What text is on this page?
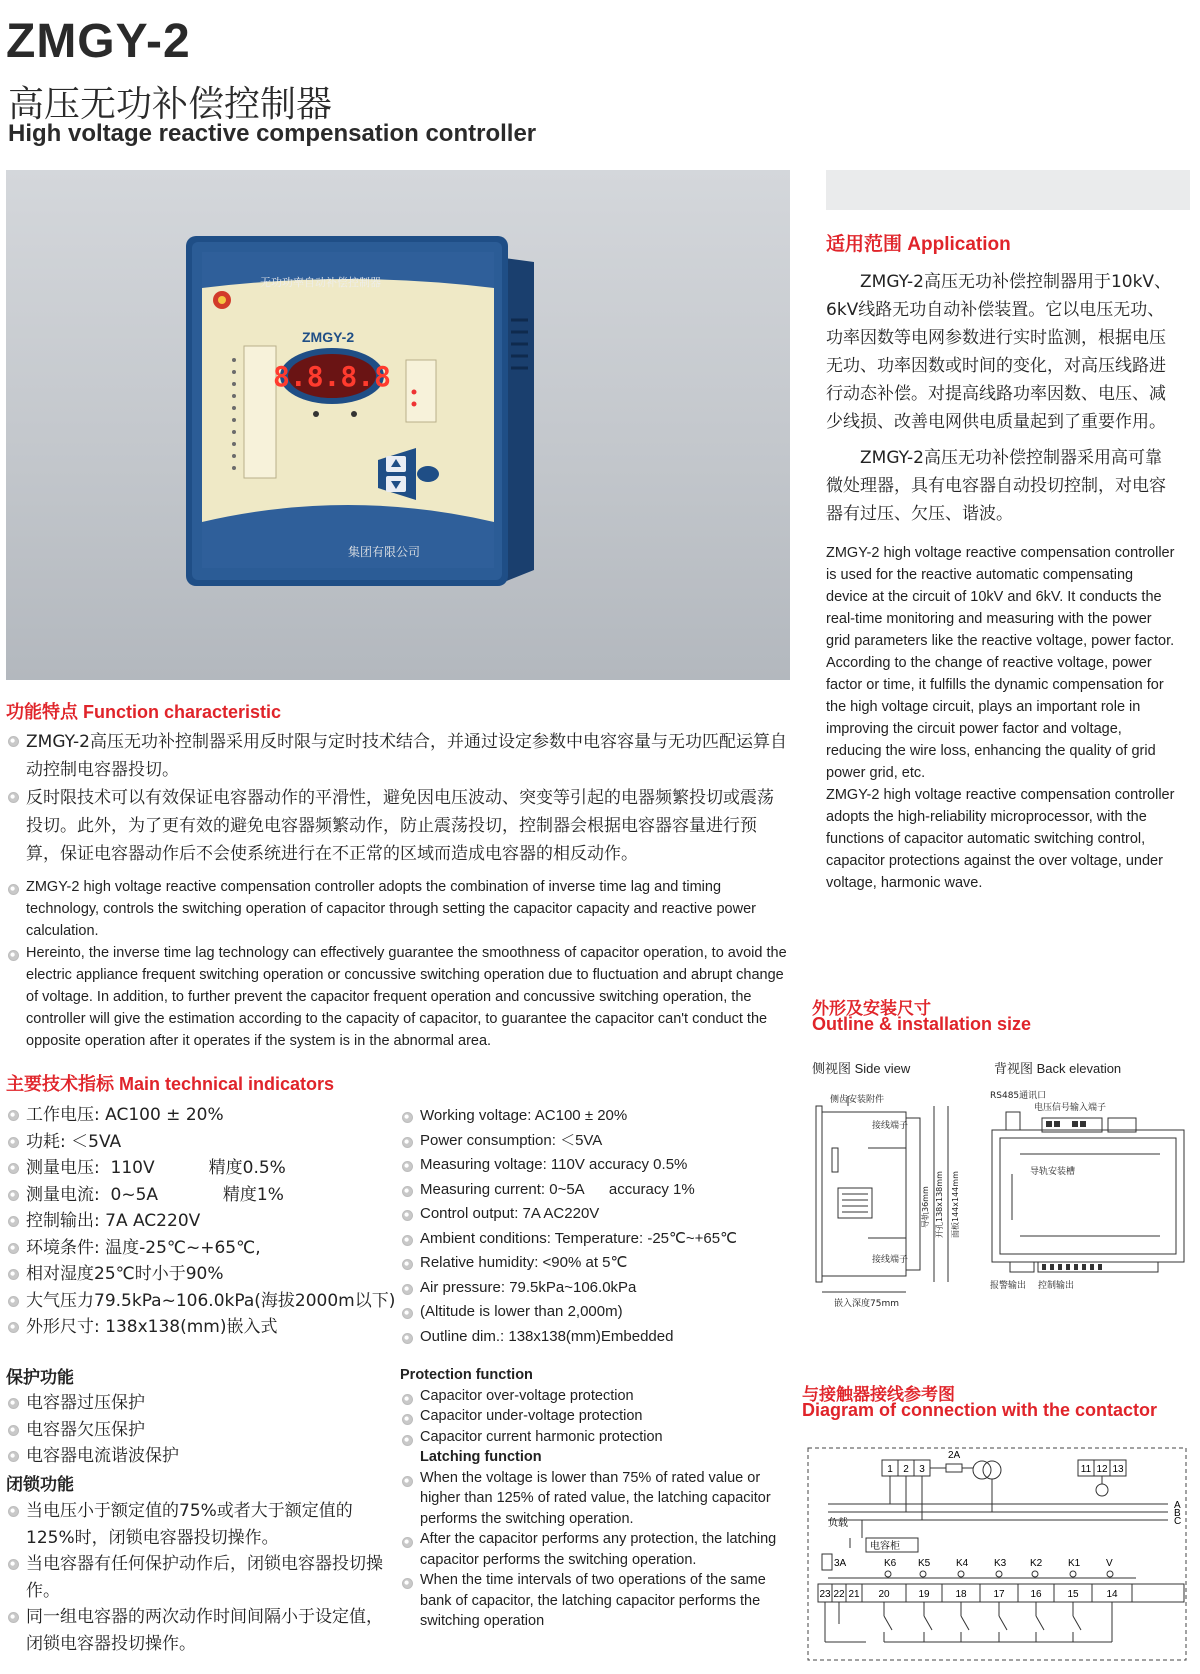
ZMGY-2
高压无功补偿控制器
High voltage reactive compensation controller
无功功率自动补偿控制器
ZMGY-2
8.8.8.8
集团有限公司
适用范围 Application
ZMGY-2高压无功补偿控制器用于10kV、6kV线路无功自动补偿装置。它以电压无功、功率因数等电网参数进行实时监测，根据电压无功、功率因数或时间的变化，对高压线路进行动态补偿。对提高线路功率因数、电压、减少线损、改善电网供电质量起到了重要作用。
ZMGY-2高压无功补偿控制器采用高可靠微处理器，具有电容器自动投切控制，对电容器有过压、欠压、谐波。
ZMGY-2 high voltage reactive compensation controller is used for the reactive automatic compensating device at the circuit of 10kV and 6kV. It conducts the real-time monitoring and measuring with the power grid parameters like the reactive voltage, power factor. According to the change of reactive voltage, power factor or time, it fulfills the dynamic compensation for the high voltage circuit, plays an important role in improving the circuit power factor and voltage, reducing the wire loss, enhancing the quality of grid power grid, etc.
ZMGY-2 high voltage reactive compensation controller adopts the high-reliability microprocessor, with the functions of capacitor automatic switching control, capacitor protections against the over voltage, under voltage, harmonic wave.
功能特点 Function characteristic
ZMGY-2高压无功补控制器采用反时限与定时技术结合，并通过设定参数中电容容量与无功匹配运算自动控制电容器投切。
反时限技术可以有效保证电容器动作的平滑性，避免因电压波动、突变等引起的电器频繁投切或震荡投切。此外，为了更有效的避免电容器频繁动作，防止震荡投切，控制器会根据电容器容量进行预算，保证电容器动作后不会使系统进行在不正常的区域而造成电容器的相反动作。
ZMGY-2 high voltage reactive compensation controller adopts the combination of inverse time lag and timing technology, controls the switching operation of capacitor through setting the capacitor capacity and reactive power calculation.
Hereinto, the inverse time lag technology can effectively guarantee the smoothness of capacitor operation, to avoid the electric appliance frequent switching operation or concussive switching operation due to fluctuation and abrupt change of voltage. In addition, to further prevent the capacitor frequent operation and concussive switching operation, the controller will give the estimation according to the capacity of capacitor, to guarantee the capacitor can't conduct the opposite operation after it operates if the system is in the abnormal area.
主要技术指标 Main technical indicators
工作电压: AC100 ± 20%
功耗: ＜5VA
测量电压:  110V          精度0.5%
测量电流:  0~5A            精度1%
控制输出: 7A AC220V
环境条件: 温度-25℃~+65℃,
相对湿度25℃时小于90%
大气压力79.5kPa~106.0kPa(海拔2000m以下)
外形尺寸: 138x138(mm)嵌入式
Working voltage: AC100 ± 20%
Power consumption: ＜5VA
Measuring voltage: 110V accuracy 0.5%
Measuring current: 0~5A      accuracy 1%
Control output: 7A AC220V
Ambient conditions: Temperature: -25℃~+65℃
Relative humidity: <90% at 5℃
Air pressure: 79.5kPa~106.0kPa
(Altitude is lower than 2,000m)
Outline dim.: 138x138(mm)Embedded
保护功能
电容器过压保护
电容器欠压保护
电容器电流谐波保护
闭锁功能
当电压小于额定值的75%或者大于额定值的125%时，闭锁电容器投切操作。
当电容器有任何保护动作后，闭锁电容器投切操作。
同一组电容器的两次动作时间间隔小于设定值，闭锁电容器投切操作。
Protection function
Capacitor over-voltage protection
Capacitor under-voltage protection
Capacitor current harmonic protection
Latching function
When the voltage is lower than 75% of rated value or higher than 125% of rated value, the latching capacitor performs the switching operation.
After the capacitor performs any protection, the latching capacitor performs the switching operation.
When the time intervals of two operations of the same bank of capacitor, the latching capacitor performs the switching operation
外形及安装尺寸
Outline & installation size
侧视图 Side view	背视图 Back elevation
侧齿安装附件
接线端子
接线端子
嵌入深度75mm
导轨36mm 开孔138x138mm 面板144x144mm
RS485通讯口
电压信号输入端子
导轨安装槽
报警输出 控制输出
与接触器接线参考图
Diagram of connection with the contactor
1 2 3	11 12 13
2A
负载
A
B
C
电容柜
3A	K6 K5	K4	K3 K2	K1	V
23 22 21 20	19	18	17	16	15	14
